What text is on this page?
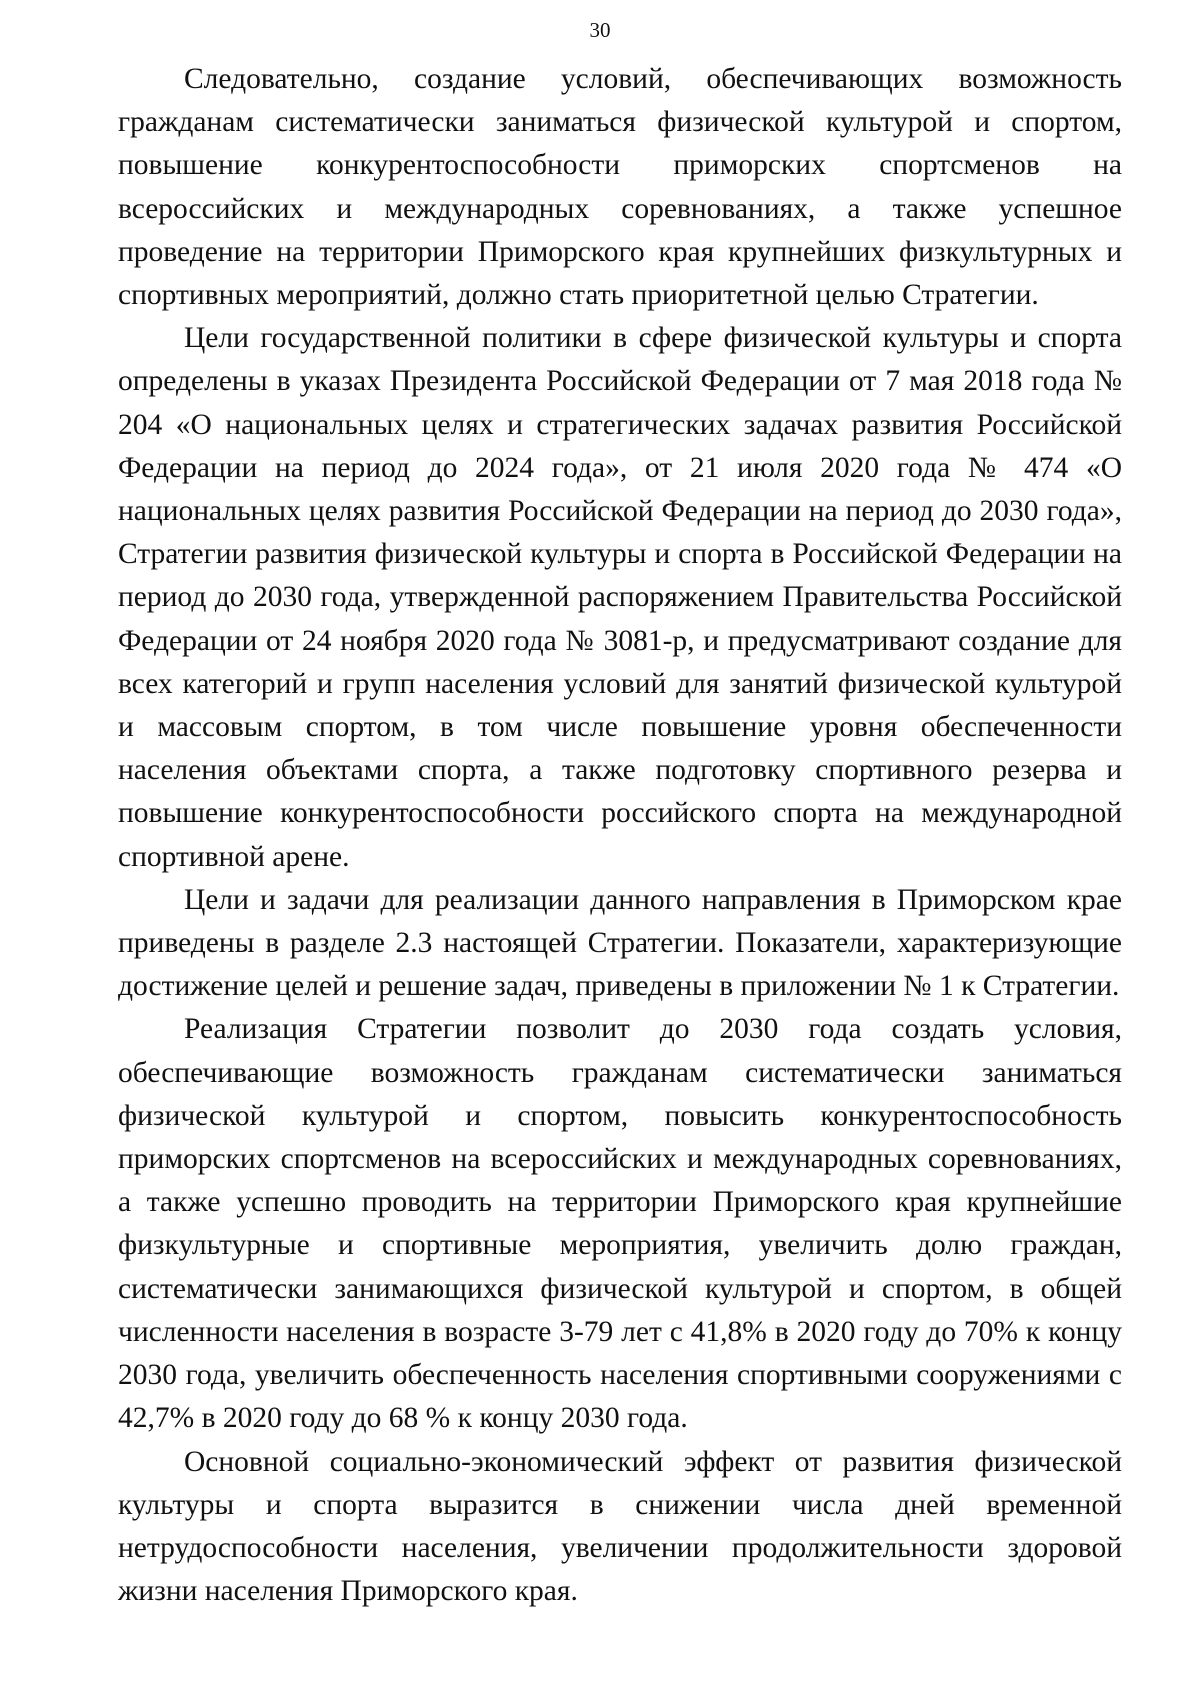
30

Следовательно, создание условий, обеспечивающих возможность гражданам систематически заниматься физической культурой и спортом, повышение конкурентоспособности приморских спортсменов на всероссийских и международных соревнованиях, а также успешное проведение на территории Приморского края крупнейших физкультурных и спортивных мероприятий, должно стать приоритетной целью Стратегии.

Цели государственной политики в сфере физической культуры и спорта определены в указах Президента Российской Федерации от 7 мая 2018 года № 204 «О национальных целях и стратегических задачах развития Российской Федерации на период до 2024 года», от 21 июля 2020 года № 474 «О национальных целях развития Российской Федерации на период до 2030 года», Стратегии развития физической культуры и спорта в Российской Федерации на период до 2030 года, утвержденной распоряжением Правительства Российской Федерации от 24 ноября 2020 года № 3081-р, и предусматривают создание для всех категорий и групп населения условий для занятий физической культурой и массовым спортом, в том числе повышение уровня обеспеченности населения объектами спорта, а также подготовку спортивного резерва и повышение конкурентоспособности российского спорта на международной спортивной арене.

Цели и задачи для реализации данного направления в Приморском крае приведены в разделе 2.3 настоящей Стратегии. Показатели, характеризующие достижение целей и решение задач, приведены в приложении № 1 к Стратегии.

Реализация Стратегии позволит до 2030 года создать условия, обеспечивающие возможность гражданам систематически заниматься физической культурой и спортом, повысить конкурентоспособность приморских спортсменов на всероссийских и международных соревнованиях, а также успешно проводить на территории Приморского края крупнейшие физкультурные и спортивные мероприятия, увеличить долю граждан, систематически занимающихся физической культурой и спортом, в общей численности населения в возрасте 3-79 лет с 41,8% в 2020 году до 70% к концу 2030 года, увеличить обеспеченность населения спортивными сооружениями с 42,7% в 2020 году до 68 % к концу 2030 года.

Основной социально-экономический эффект от развития физической культуры и спорта выразится в снижении числа дней временной нетрудоспособности населения, увеличении продолжительности здоровой жизни населения Приморского края.
